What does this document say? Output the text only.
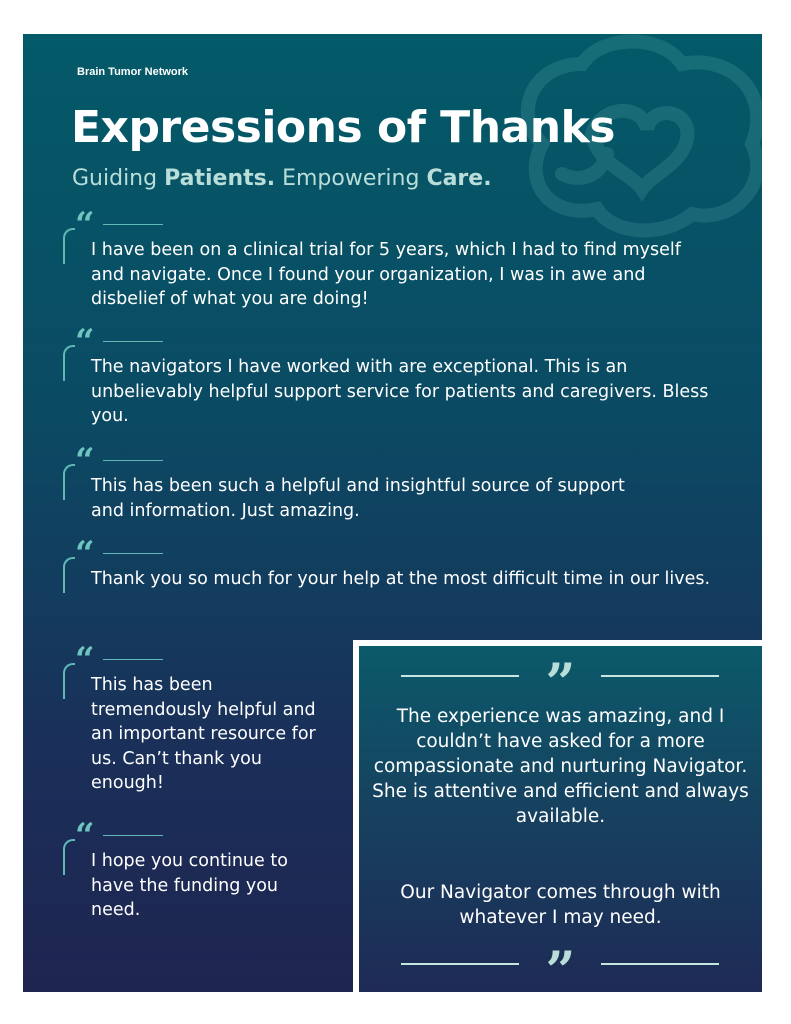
Brain Tumor Network
Expressions of Thanks
Guiding Patients. Empowering Care.
“

I have been on a clinical trial for 5 years, which I had to find myself and navigate. Once I found your organization, I was in awe and disbelief of what you are doing!

“

The navigators I have worked with are exceptional. This is an unbelievably helpful support service for patients and caregivers. Bless you.

“

This has been such a helpful and insightful source of support and information. Just amazing.

“

Thank you so much for your help at the most difficult time in our lives.

“

This has been tremendously helpful and an important resource for us. Can’t thank you enough!

“

I hope you continue to have the funding you need.

”

The experience was amazing, and I couldn’t have asked for a more compassionate and nurturing Navigator. She is attentive and efficient and always available.

Our Navigator comes through with whatever I may need.

”
